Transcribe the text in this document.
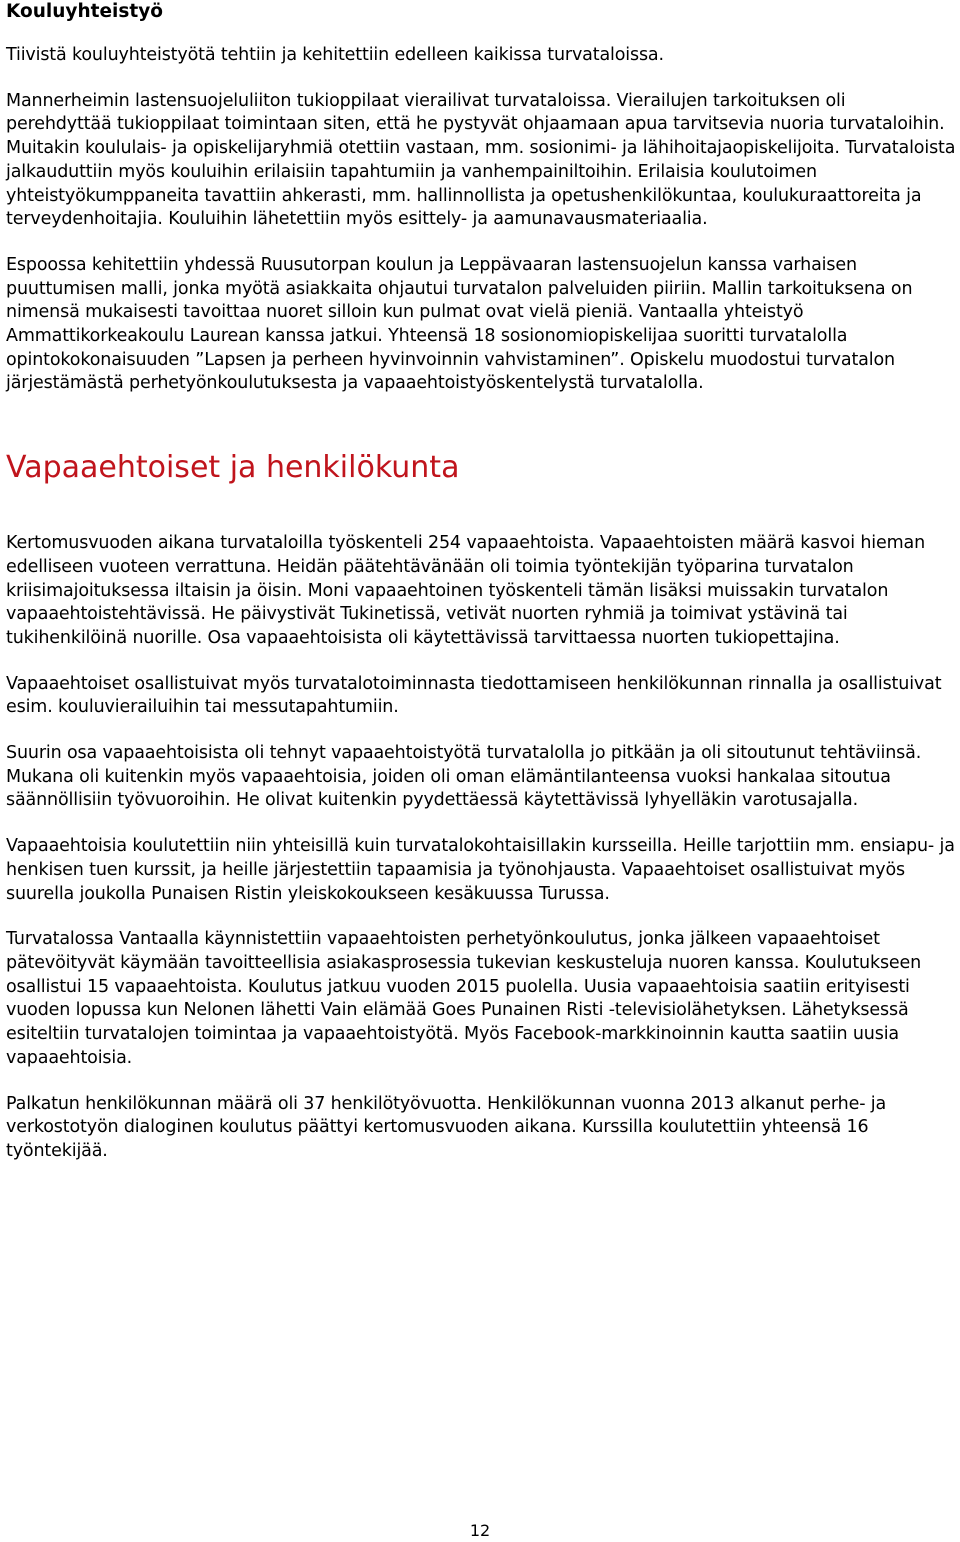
Kouluyhteistyö

Tiivistä kouluyhteistyötä tehtiin ja kehitettiin edelleen kaikissa turvataloissa.

Mannerheimin lastensuojeluliiton tukioppilaat vierailivat turvataloissa. Vierailujen tarkoituksen oli perehdyttää tukioppilaat toimintaan siten, että he pystyvät ohjaamaan apua tarvitsevia nuoria turvataloihin. Muitakin koululais- ja opiskelijaryhmiä otettiin vastaan, mm. sosionimi- ja lähihoitajaopiskelijoita. Turvataloista jalkauduttiin myös kouluihin erilaisiin tapahtumiin ja vanhempainiltoihin. Erilaisia koulutoimen yhteistyökumppaneita tavattiin ahkerasti, mm. hallinnollista ja opetushenkilökuntaa, koulukuraattoreita ja terveydenhoitajia. Kouluihin lähetettiin myös esittely- ja aamunavausmateriaalia.

Espoossa kehitettiin yhdessä Ruusutorpan koulun ja Leppävaaran lastensuojelun kanssa varhaisen puuttumisen malli, jonka myötä asiakkaita ohjautui turvatalon palveluiden piiriin. Mallin tarkoituksena on nimensä mukaisesti tavoittaa nuoret silloin kun pulmat ovat vielä pieniä. Vantaalla yhteistyö Ammattikorkeakoulu Laurean kanssa jatkui. Yhteensä 18 sosionomiopiskelijaa suoritti turvatalolla opintokokonaisuuden ”Lapsen ja perheen hyvinvoinnin vahvistaminen”. Opiskelu muodostui turvatalon järjestämästä perhetyönkoulutuksesta ja vapaaehtoistyöskentelystä turvatalolla.

Vapaaehtoiset ja henkilökunta

Kertomusvuoden aikana turvataloilla työskenteli 254 vapaaehtoista. Vapaaehtoisten määrä kasvoi hieman edelliseen vuoteen verrattuna. Heidän päätehtävänään oli toimia työntekijän työparina turvatalon kriisimajoituksessa iltaisin ja öisin. Moni vapaaehtoinen työskenteli tämän lisäksi muissakin turvatalon vapaaehtoistehtävissä. He päivystivät Tukinetissä, vetivät nuorten ryhmiä ja toimivat ystävinä tai tukihenkilöinä nuorille. Osa vapaaehtoisista oli käytettävissä tarvittaessa nuorten tukiopettajina.

Vapaaehtoiset osallistuivat myös turvatalotoiminnasta tiedottamiseen henkilökunnan rinnalla ja osallistuivat esim. kouluvierailuihin tai messutapahtumiin.

Suurin osa vapaaehtoisista oli tehnyt vapaaehtoistyötä turvatalolla jo pitkään ja oli sitoutunut tehtäviinsä. Mukana oli kuitenkin myös vapaaehtoisia, joiden oli oman elämäntilanteensa vuoksi hankalaa sitoutua säännöllisiin työvuoroihin. He olivat kuitenkin pyydettäessä käytettävissä lyhyelläkin varotusajalla.

Vapaaehtoisia koulutettiin niin yhteisillä kuin turvatalokohtaisillakin kursseilla. Heille tarjottiin mm. ensiapu- ja henkisen tuen kurssit, ja heille järjestettiin tapaamisia ja työnohjausta. Vapaaehtoiset osallistuivat myös suurella joukolla Punaisen Ristin yleiskokoukseen kesäkuussa Turussa.

Turvatalossa Vantaalla käynnistettiin vapaaehtoisten perhetyönkoulutus, jonka jälkeen vapaaehtoiset pätevöityvät käymään tavoitteellisia asiakasprosessia tukevian keskusteluja nuoren kanssa. Koulutukseen osallistui 15 vapaaehtoista. Koulutus jatkuu vuoden 2015 puolella. Uusia vapaaehtoisia saatiin erityisesti vuoden lopussa kun Nelonen lähetti Vain elämää Goes Punainen Risti -televisiolähetyksen. Lähetyksessä esiteltiin turvatalojen toimintaa ja vapaaehtoistyötä. Myös Facebook-markkinoinnin kautta saatiin uusia vapaaehtoisia.

Palkatun henkilökunnan määrä oli 37 henkilötyövuotta. Henkilökunnan vuonna 2013 alkanut perhe- ja verkostotyön dialoginen koulutus päättyi kertomusvuoden aikana. Kurssilla koulutettiin yhteensä 16 työntekijää.

12
